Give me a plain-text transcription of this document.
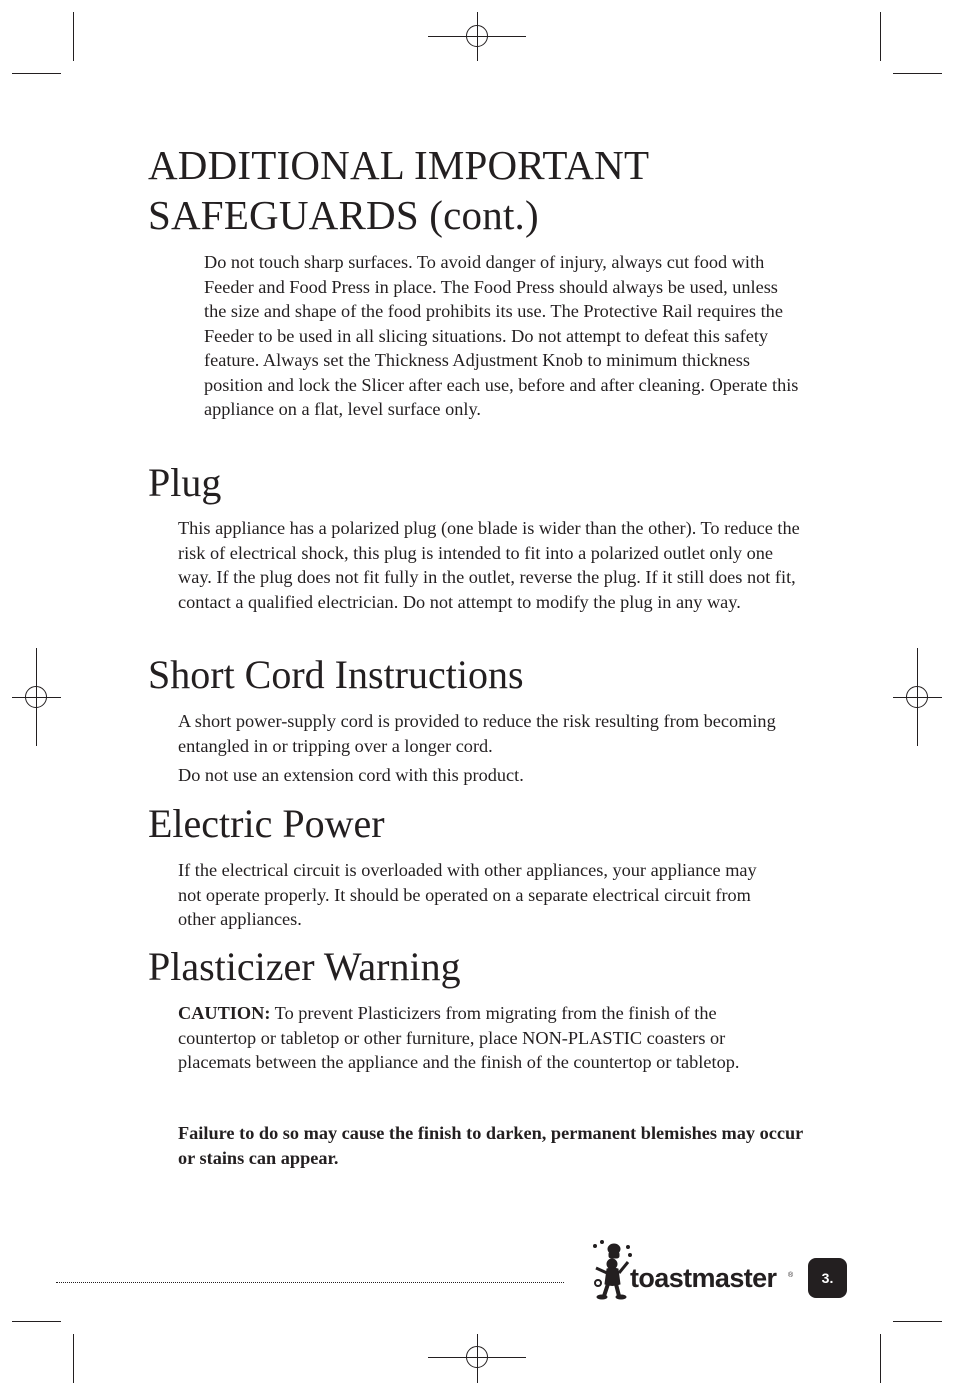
ADDITIONAL IMPORTANT
SAFEGUARDS (cont.)

Do not touch sharp surfaces. To avoid danger of injury, always cut food with Feeder and Food Press in place. The Food Press should always be used, unless the size and shape of the food prohibits its use. The Protective Rail requires the Feeder to be used in all slicing situations. Do not attempt to defeat this safety feature. Always set the Thickness Adjustment Knob to minimum thickness position and lock the Slicer after each use, before and after cleaning. Operate this appliance on a flat, level surface only.

Plug

This appliance has a polarized plug (one blade is wider than the other). To reduce the risk of electrical shock, this plug is intended to fit into a polarized outlet only one way. If the plug does not fit fully in the outlet, reverse the plug. If it still does not fit, contact a qualified electrician. Do not attempt to modify the plug in any way.

Short Cord Instructions

A short power-supply cord is provided to reduce the risk resulting from becoming entangled in or tripping over a longer cord.

Do not use an extension cord with this product.

Electric Power

If the electrical circuit is overloaded with other appliances, your appliance may not operate properly. It should be operated on a separate electrical circuit from other appliances.

Plasticizer Warning

CAUTION: To prevent Plasticizers from migrating from the finish of the countertop or tabletop or other furniture, place NON-PLASTIC coasters or placemats between the appliance and the finish of the countertop or tabletop.

Failure to do so may cause the finish to darken, permanent blemishes may occur or stains can appear.

toastmaster ®	3.
